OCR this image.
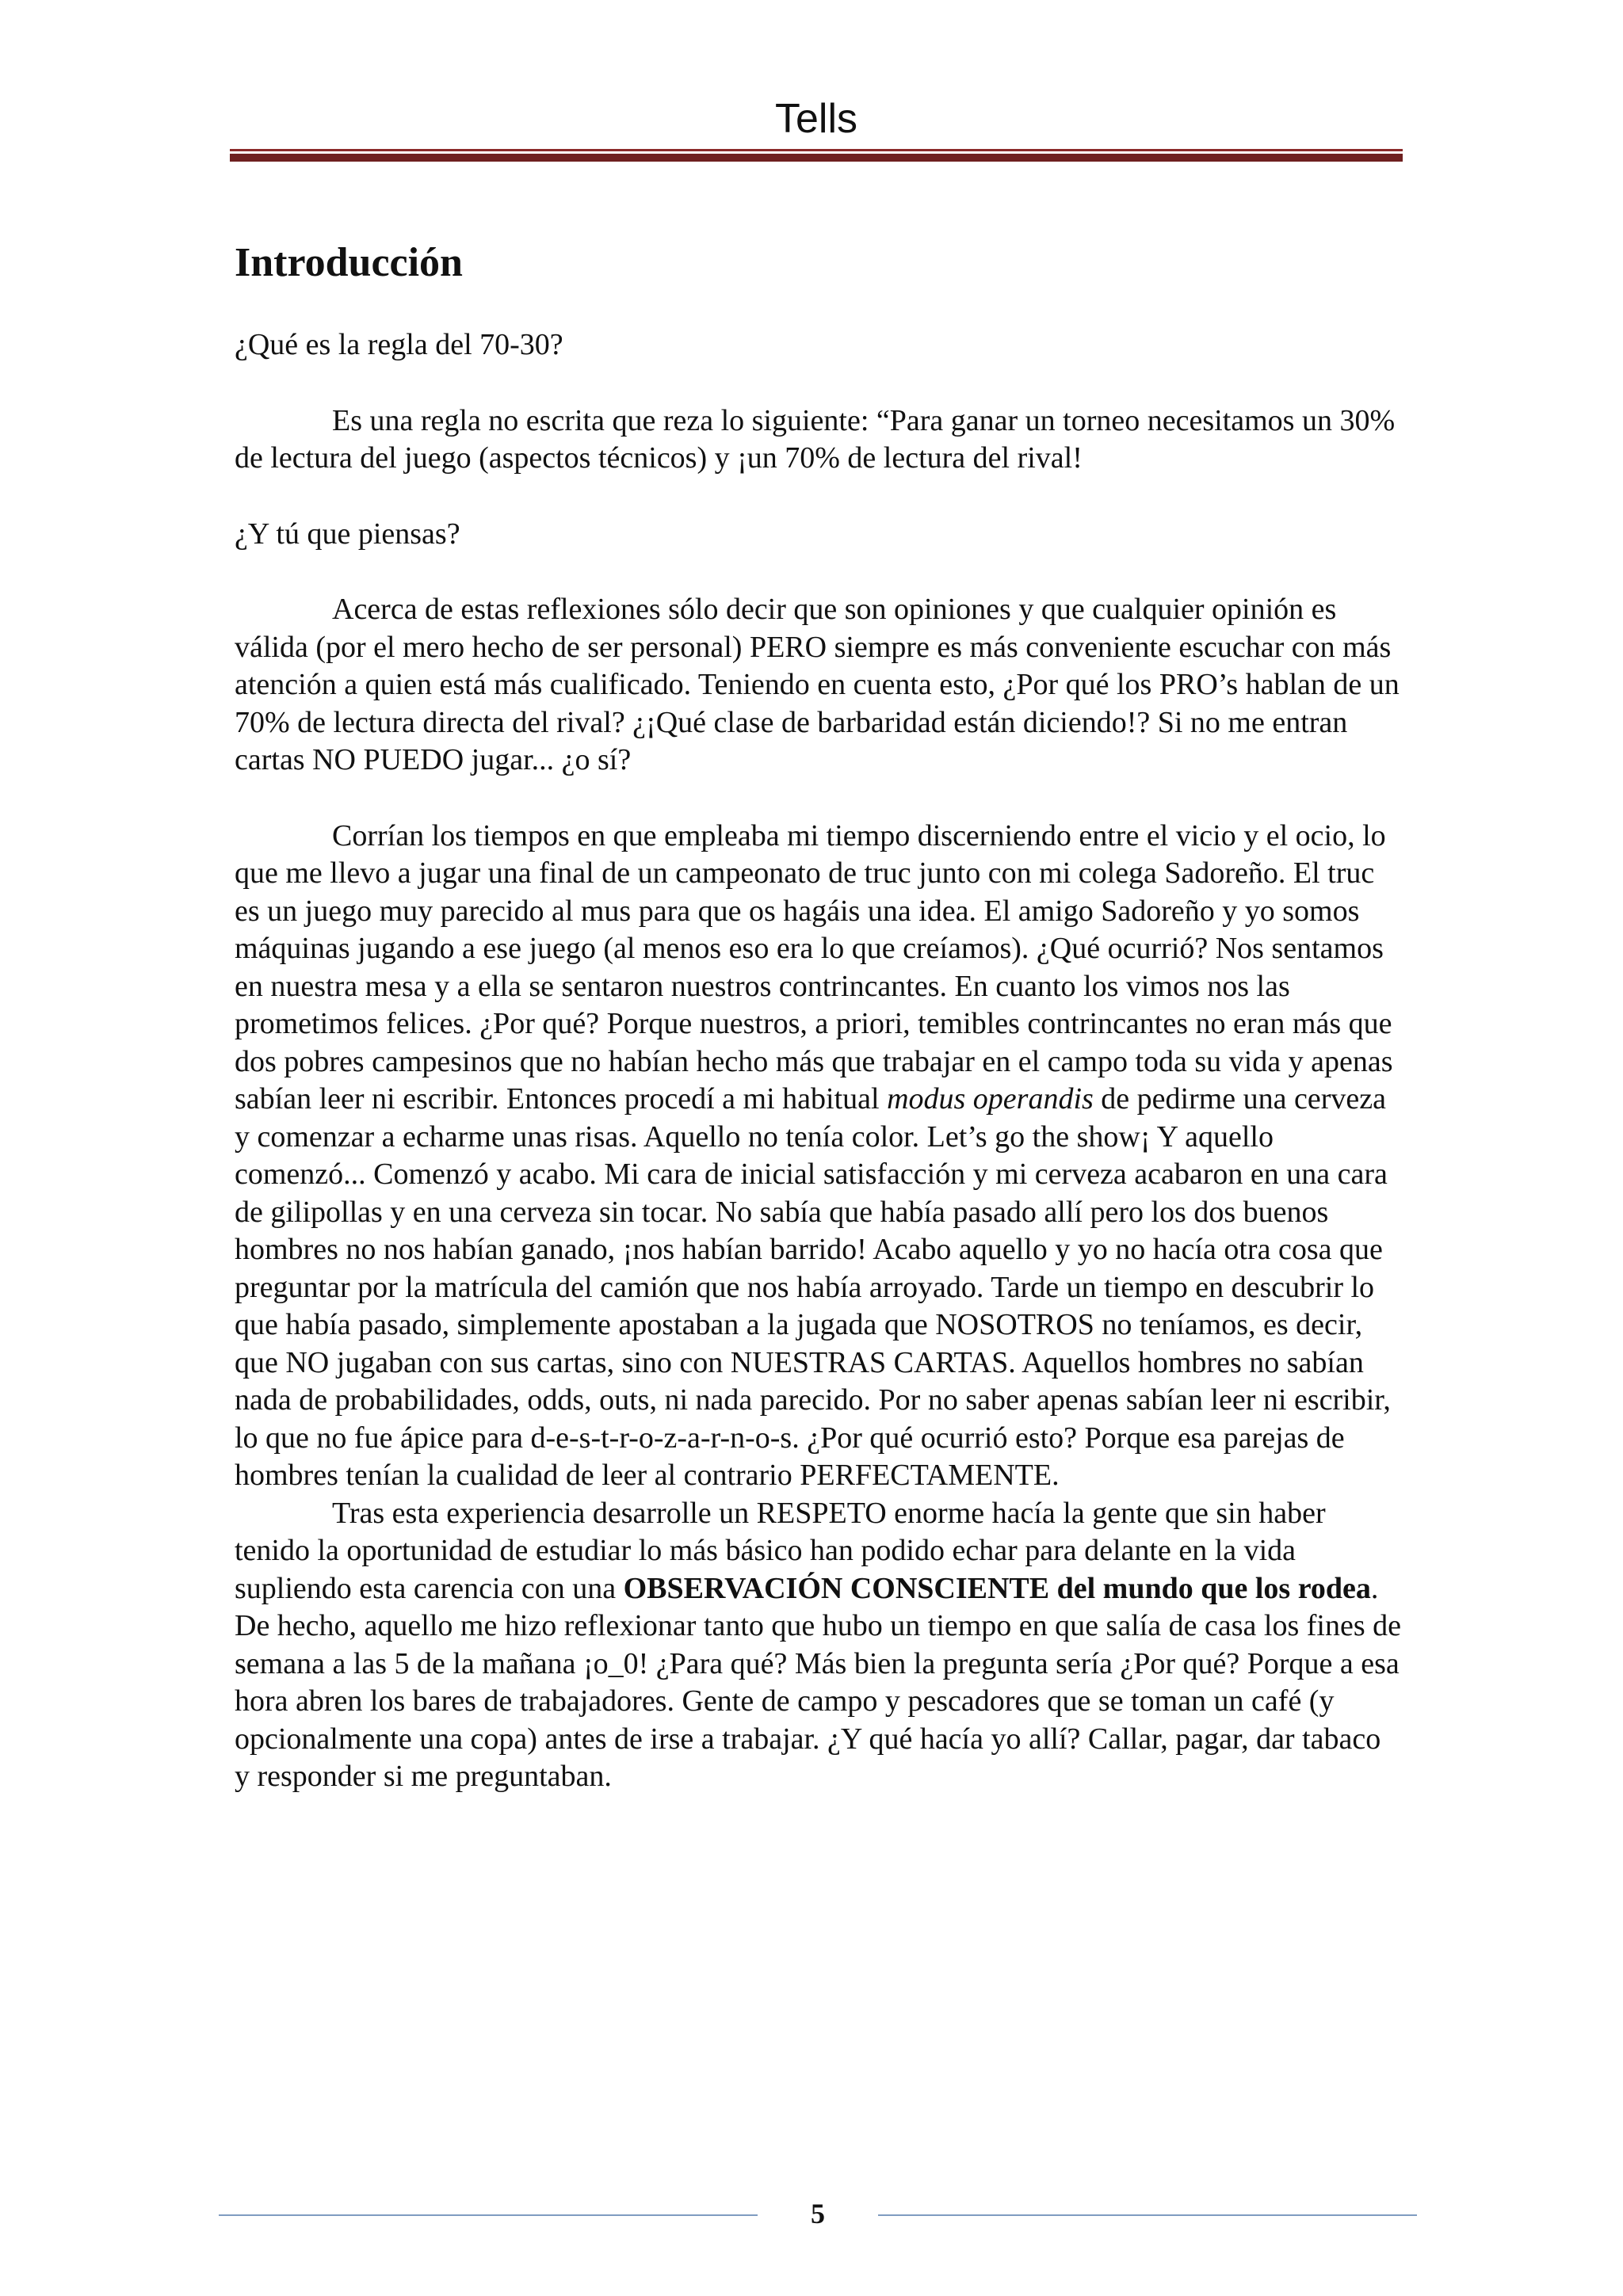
Tells
Introducción

¿Qué es la regla del 70-30?

Es una regla no escrita que reza lo siguiente: “Para ganar un torneo necesitamos un 30% de lectura del juego (aspectos técnicos) y ¡un 70% de lectura del rival!

¿Y tú que piensas?

Acerca de estas reflexiones sólo decir que son opiniones y que cualquier opinión es válida (por el mero hecho de ser personal) PERO siempre es más conveniente escuchar con más atención a quien está más cualificado. Teniendo en cuenta esto, ¿Por qué los PRO’s hablan de un 70% de lectura directa del rival? ¿¡Qué clase de barbaridad están diciendo!? Si no me entran cartas NO PUEDO jugar... ¿o sí?

Corrían los tiempos en que empleaba mi tiempo discerniendo entre el vicio y el ocio, lo que me llevo a jugar una final de un campeonato de truc junto con mi colega Sadoreño. El truc es un juego muy parecido al mus para que os hagáis una idea. El amigo Sadoreño y yo somos máquinas jugando a ese juego (al menos eso era lo que creíamos). ¿Qué ocurrió? Nos sentamos en nuestra mesa y a ella se sentaron nuestros contrincantes. En cuanto los vimos nos las prometimos felices. ¿Por qué? Porque nuestros, a priori, temibles contrincantes no eran más que dos pobres campesinos que no habían hecho más que trabajar en el campo toda su vida y apenas sabían leer ni escribir. Entonces procedí a mi habitual modus operandis de pedirme una cerveza y comenzar a echarme unas risas. Aquello no tenía color. Let’s go the show¡ Y aquello comenzó... Comenzó y acabo. Mi cara de inicial satisfacción y mi cerveza acabaron en una cara de gilipollas y en una cerveza sin tocar. No sabía que había pasado allí pero los dos buenos hombres no nos habían ganado, ¡nos habían barrido! Acabo aquello y yo no hacía otra cosa que preguntar por la matrícula del camión que nos había arroyado. Tarde un tiempo en descubrir lo que había pasado, simplemente apostaban a la jugada que NOSOTROS no teníamos, es decir, que NO jugaban con sus cartas, sino con NUESTRAS CARTAS. Aquellos hombres no sabían nada de probabilidades, odds, outs, ni nada parecido. Por no saber apenas sabían leer ni escribir, lo que no fue ápice para d-e-s-t-r-o-z-a-r-n-o-s. ¿Por qué ocurrió esto? Porque esa parejas de hombres tenían la cualidad de leer al contrario PERFECTAMENTE.

Tras esta experiencia desarrolle un RESPETO enorme hacía la gente que sin haber tenido la oportunidad de estudiar lo más básico han podido echar para delante en la vida supliendo esta carencia con una OBSERVACIÓN CONSCIENTE del mundo que los rodea. De hecho, aquello me hizo reflexionar tanto que hubo un tiempo en que salía de casa los fines de semana a las 5 de la mañana ¡o_0! ¿Para qué? Más bien la pregunta sería ¿Por qué? Porque a esa hora abren los bares de trabajadores. Gente de campo y pescadores que se toman un café (y opcionalmente una copa) antes de irse a trabajar. ¿Y qué hacía yo allí? Callar, pagar, dar tabaco y responder si me preguntaban.

5
